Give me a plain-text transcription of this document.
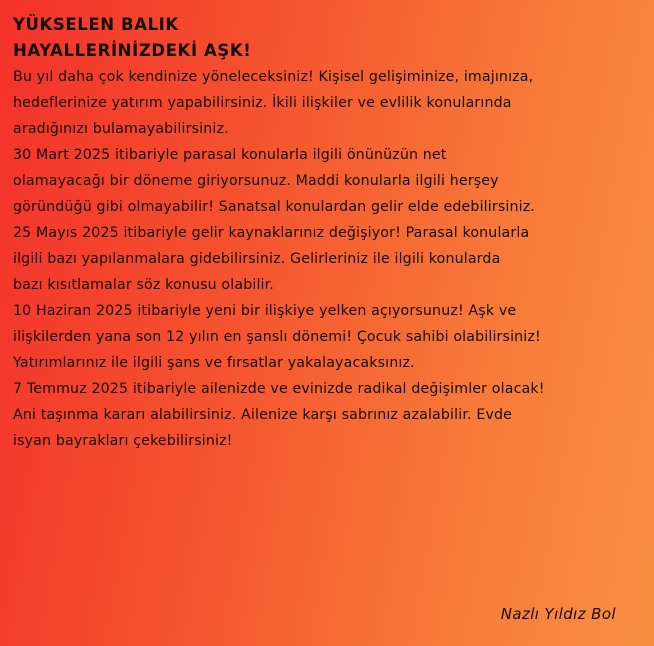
YÜKSELEN BALIK

HAYALLERİNİZDEKİ AŞK!

Bu yıl daha çok kendinize yöneleceksiniz! Kişisel gelişiminize, imajınıza,

hedeflerinize yatırım yapabilirsiniz. İkili ilişkiler ve evlilik konularında

aradığınızı bulamayabilirsiniz.

30 Mart 2025 itibariyle parasal konularla ilgili önünüzün net

olamayacağı bir döneme giriyorsunuz. Maddi konularla ilgili herşey

göründüğü gibi olmayabilir! Sanatsal konulardan gelir elde edebilirsiniz.

25 Mayıs 2025 itibariyle gelir kaynaklarınız değişiyor! Parasal konularla

ilgili bazı yapılanmalara gidebilirsiniz. Gelirleriniz ile ilgili konularda

bazı kısıtlamalar söz konusu olabilir.

10 Haziran 2025 itibariyle yeni bir ilişkiye yelken açıyorsunuz! Aşk ve

ilişkilerden yana son 12 yılın en şanslı dönemi! Çocuk sahibi olabilirsiniz!

Yatırımlarınız ile ilgili şans ve fırsatlar yakalayacaksınız.

7 Temmuz 2025 itibariyle ailenizde ve evinizde radikal değişimler olacak!

Ani taşınma kararı alabilirsiniz. Ailenize karşı sabrınız azalabilir. Evde

isyan bayrakları çekebilirsiniz!

Nazlı Yıldız Bol
